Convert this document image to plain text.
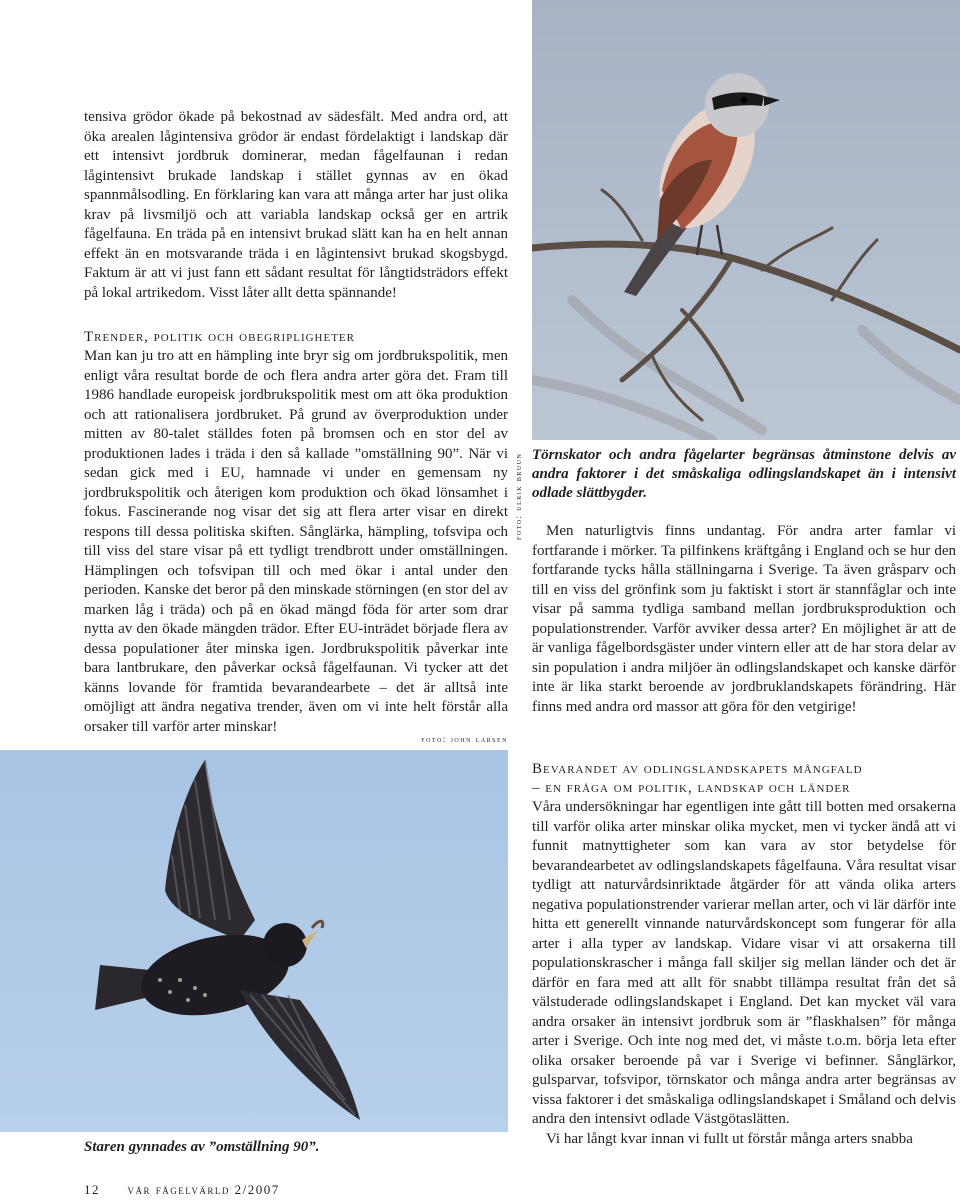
tensiva grödor ökade på bekostnad av sädesfält. Med andra ord, att öka arealen lågintensiva grödor är endast fördelaktigt i landskap där ett intensivt jordbruk dominerar, medan fågelfaunan i redan lågintensivt brukade landskap i stället gynnas av en ökad spannmålsodling. En förklaring kan vara att många arter har just olika krav på livsmiljö och att variabla landskap också ger en artrik fågelfauna. En träda på en intensivt brukad slätt kan ha en helt annan effekt än en motsvarande träda i en lågintensivt brukad skogsbygd. Faktum är att vi just fann ett sådant resultat för långtidsträdors effekt på lokal artrikedom. Visst låter allt detta spännande!

Trender, politik och obegripligheter

Man kan ju tro att en hämpling inte bryr sig om jordbrukspolitik, men enligt våra resultat borde de och flera andra arter göra det. Fram till 1986 handlade europeisk jordbrukspolitik mest om att öka produktion och att rationalisera jordbruket. På grund av överproduktion under mitten av 80-talet ställdes foten på bromsen och en stor del av produktionen lades i träda i den så kallade ”omställning 90”. När vi sedan gick med i EU, hamnade vi under en gemensam ny jordbrukspolitik och återigen kom produktion och ökad lönsamhet i fokus. Fascinerande nog visar det sig att flera arter visar en direkt respons till dessa politiska skiften. Sånglärka, hämpling, tofsvipa och till viss del stare visar på ett tydligt trendbrott under omställningen. Hämplingen och tofsvipan till och med ökar i antal under den perioden. Kanske det beror på den minskade störningen (en stor del av marken låg i träda) och på en ökad mängd föda för arter som drar nytta av den ökade mängden trädor. Efter EU-inträdet började flera av dessa populationer åter minska igen. Jordbrukspolitik påverkar inte bara lantbrukare, den påverkar också fågelfaunan. Vi tycker att det känns lovande för framtida bevarandearbete – det är alltså inte omöjligt att ändra negativa trender, även om vi inte helt förstår alla orsaker till varför arter minskar!

foto: ulrik bruun Törnskator och andra fågelarter begränsas åtminstone delvis av andra faktorer i det småskaliga odlingslandskapet än i intensivt odlade slättbygder.

Men naturligtvis finns undantag. För andra arter famlar vi fortfarande i mörker. Ta pilfinkens kräftgång i England och se hur den fortfarande tycks hålla ställningarna i Sverige. Ta även gråsparv och till en viss del grönfink som ju faktiskt i stort är stannfåglar och inte visar på samma tydliga samband mellan jordbruksproduktion och populationstrender. Varför avviker dessa arter? En möjlighet är att de är vanliga fågelbordsgäster under vintern eller att de har stora delar av sin population i andra miljöer än odlingslandskapet och kanske därför inte är lika starkt beroende av jordbruklandskapets förändring. Här finns med andra ord massor att göra för den vetgirige!

Bevarandet av odlingslandskapets mångfald
– en fråga om politik, landskap och länder

Våra undersökningar har egentligen inte gått till botten med orsakerna till varför olika arter minskar olika mycket, men vi tycker ändå att vi funnit matnyttigheter som kan vara av stor betydelse för bevarandearbetet av odlingslandskapets fågelfauna. Våra resultat visar tydligt att naturvårdsinriktade åtgärder för att vända olika arters negativa populationstrender varierar mellan arter, och vi lär därför inte hitta ett generellt vinnande naturvårdskoncept som fungerar för alla arter i alla typer av landskap. Vidare visar vi att orsakerna till populationskrascher i många fall skiljer sig mellan länder och det är därför en fara med att allt för snabbt tillämpa resultat från det så välstuderade odlingslandskapet i England. Det kan mycket väl vara andra orsaker än intensivt jordbruk som är ”flaskhalsen” för många arter i Sverige. Och inte nog med det, vi måste t.o.m. börja leta efter olika orsaker beroende på var i Sverige vi befinner. Sånglärkor, gulsparvar, tofsvipor, törnskator och många andra arter begränsas av vissa faktorer i det småskaliga odlingslandskapet i Småland och delvis andra den intensivt odlade Västgötaslätten.

Vi har långt kvar innan vi fullt ut förstår många arters snabba

foto: john larsen
Staren gynnades av ”omställning 90”.
12 vår fågelvärld 2/2007
